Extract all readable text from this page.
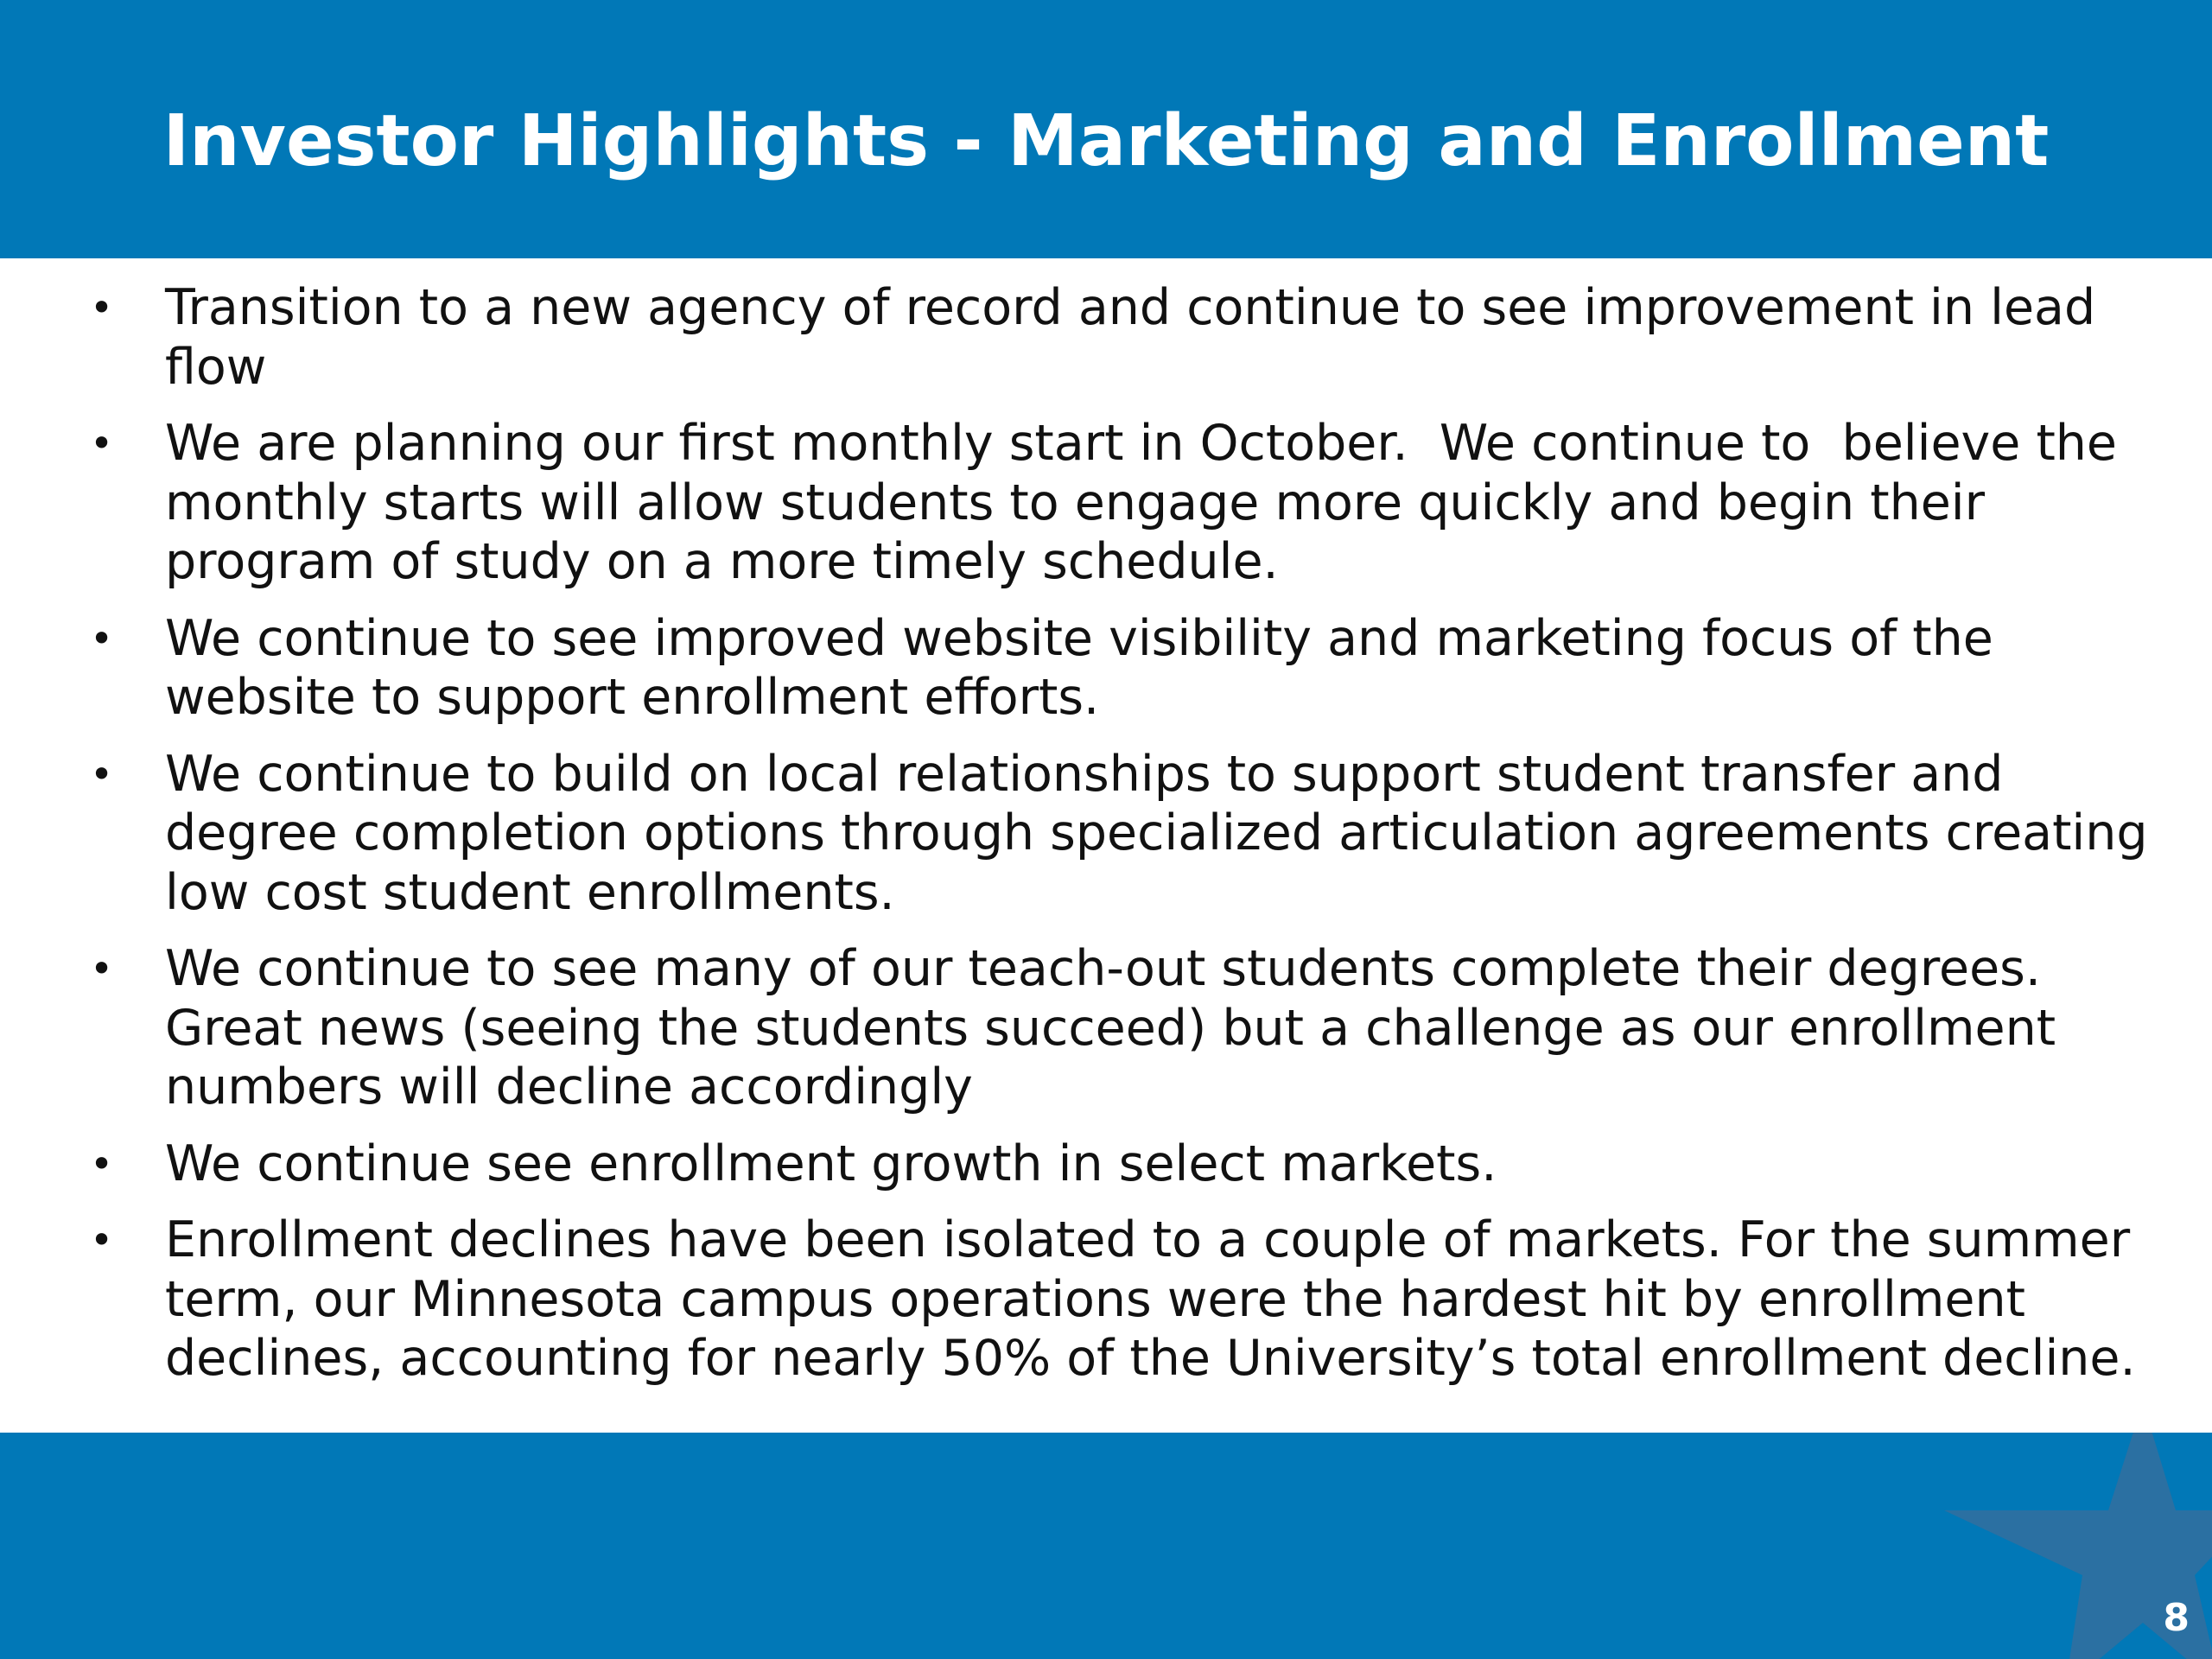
Investor Highlights - Marketing and Enrollment
• Transition to a new agency of record and continue to see improvement in lead
flow
• We are planning our first monthly start in October.  We continue to  believe the
monthly starts will allow students to engage more quickly and begin their
program of study on a more timely schedule.
• We continue to see improved website visibility and marketing focus of the
website to support enrollment efforts.
• We continue to build on local relationships to support student transfer and
degree completion options through specialized articulation agreements creating
low cost student enrollments.
• We continue to see many of our teach-out students complete their degrees.
Great news (seeing the students succeed) but a challenge as our enrollment
numbers will decline accordingly
• We continue see enrollment growth in select markets.
• Enrollment declines have been isolated to a couple of markets. For the summer
term, our Minnesota campus operations were the hardest hit by enrollment
declines, accounting for nearly 50% of the University’s total enrollment decline.
8
